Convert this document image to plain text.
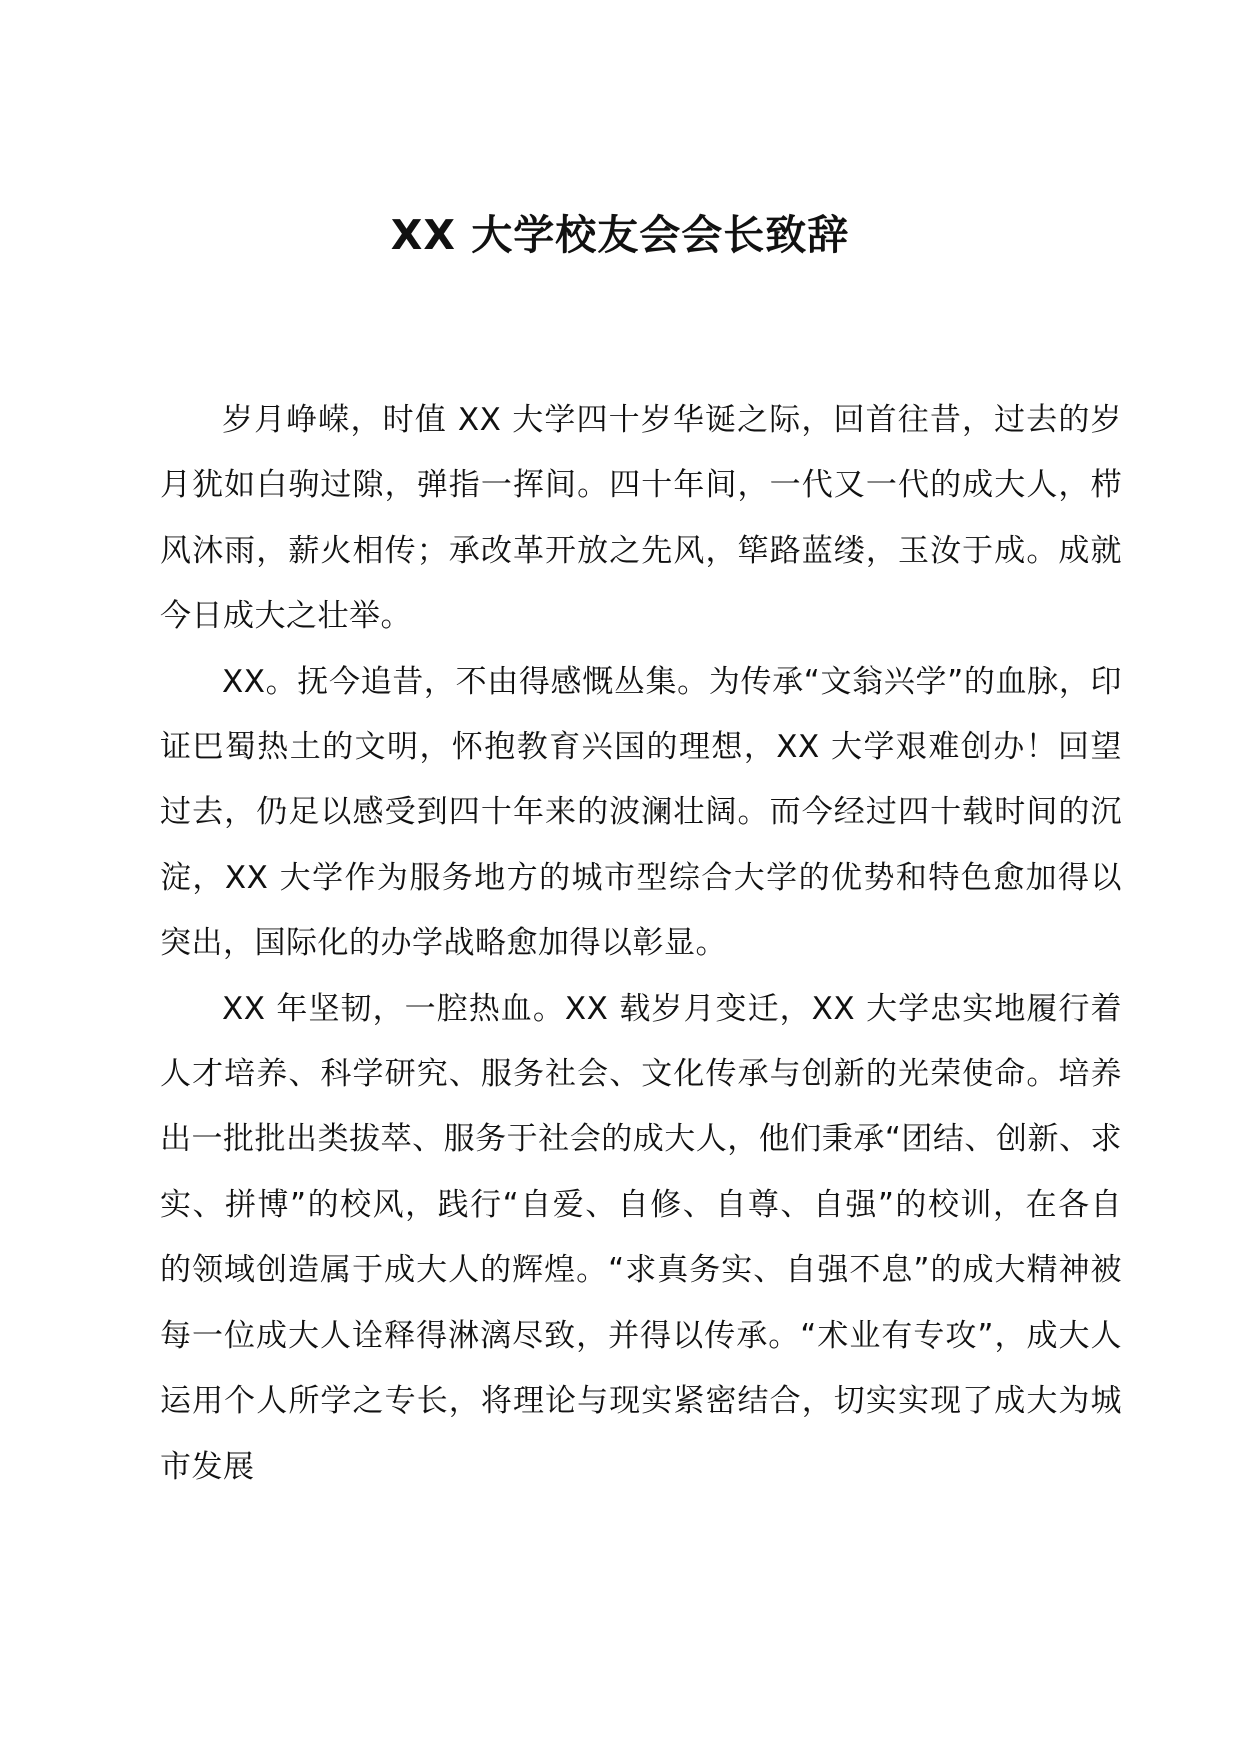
XX 大学校友会会长致辞

岁月峥嵘，时值 XX 大学四十岁华诞之际，回首往昔，过去的岁月犹如白驹过隙，弹指一挥间。四十年间，一代又一代的成大人，栉风沐雨，薪火相传；承改革开放之先风，筚路蓝缕，玉汝于成。成就今日成大之壮举。

XX。抚今追昔，不由得感慨丛集。为传承“文翁兴学”的血脉，印证巴蜀热土的文明，怀抱教育兴国的理想，XX 大学艰难创办！回望过去，仍足以感受到四十年来的波澜壮阔。而今经过四十载时间的沉淀，XX 大学作为服务地方的城市型综合大学的优势和特色愈加得以突出，国际化的办学战略愈加得以彰显。

XX 年坚韧，一腔热血。XX 载岁月变迁，XX 大学忠实地履行着人才培养、科学研究、服务社会、文化传承与创新的光荣使命。培养出一批批出类拔萃、服务于社会的成大人，他们秉承“团结、创新、求实、拼博”的校风，践行“自爱、自修、自尊、自强”的校训，在各自的领域创造属于成大人的辉煌。“求真务实、自强不息”的成大精神被每一位成大人诠释得淋漓尽致，并得以传承。“术业有专攻”，成大人运用个人所学之专长，将理论与现实紧密结合，切实实现了成大为城市发展
